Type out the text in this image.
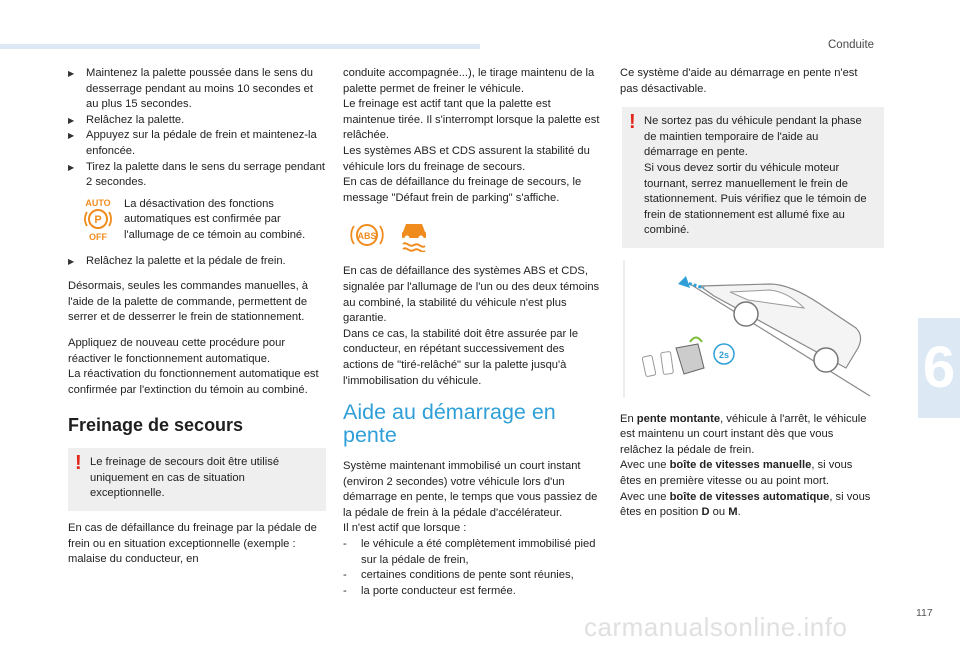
Conduite
6
117
carmanualsonline.info

▶ Maintenez la palette poussée dans le sens du desserrage pendant au moins 10 secondes et au plus 15 secondes.

▶ Relâchez la palette.

▶ Appuyez sur la pédale de frein et maintenez-la enfoncée.

▶ Tirez la palette dans le sens du serrage pendant 2 secondes.

AUTO
P
OFF

La désactivation des fonctions automatiques est confirmée par l'allumage de ce témoin au combiné.

▶ Relâchez la palette et la pédale de frein.

Désormais, seules les commandes manuelles, à l'aide de la palette de commande, permettent de serrer et de desserrer le frein de stationnement.

Appliquez de nouveau cette procédure pour réactiver le fonctionnement automatique.

La réactivation du fonctionnement automatique est confirmée par l'extinction du témoin au combiné.

Freinage de secours
! Le freinage de secours doit être utilisé uniquement en cas de situation exceptionnelle.

En cas de défaillance du freinage par la pédale de frein ou en situation exceptionnelle (exemple : malaise du conducteur, en

conduite accompagnée...), le tirage maintenu de la palette permet de freiner le véhicule.

Le freinage est actif tant que la palette est maintenue tirée. Il s'interrompt lorsque la palette est relâchée.

Les systèmes ABS et CDS assurent la stabilité du véhicule lors du freinage de secours.

En cas de défaillance du freinage de secours, le message "Défaut frein de parking" s'affiche.

ABS

En cas de défaillance des systèmes ABS et CDS, signalée par l'allumage de l'un ou des deux témoins au combiné, la stabilité du véhicule n'est plus garantie.

Dans ce cas, la stabilité doit être assurée par le conducteur, en répétant successivement des actions de "tiré-relâché" sur la palette jusqu'à l'immobilisation du véhicule.

Aide au démarrage en
pente

Système maintenant immobilisé un court instant (environ 2 secondes) votre véhicule lors d'un démarrage en pente, le temps que vous passiez de la pédale de frein à la pédale d'accélérateur.

Il n'est actif que lorsque :

- le véhicule a été complètement immobilisé pied sur la pédale de frein,

- certaines conditions de pente sont réunies,

- la porte conducteur est fermée.

Ce système d'aide au démarrage en pente n'est pas désactivable.

! Ne sortez pas du véhicule pendant la phase de maintien temporaire de l'aide au démarrage en pente.

Si vous devez sortir du véhicule moteur tournant, serrez manuellement le frein de stationnement. Puis vérifiez que le témoin de frein de stationnement est allumé fixe au combiné.

2s

En pente montante, véhicule à l'arrêt, le véhicule est maintenu un court instant dès que vous relâchez la pédale de frein.

Avec une boîte de vitesses manuelle, si vous êtes en première vitesse ou au point mort.

Avec une boîte de vitesses automatique, si vous êtes en position D ou M.
